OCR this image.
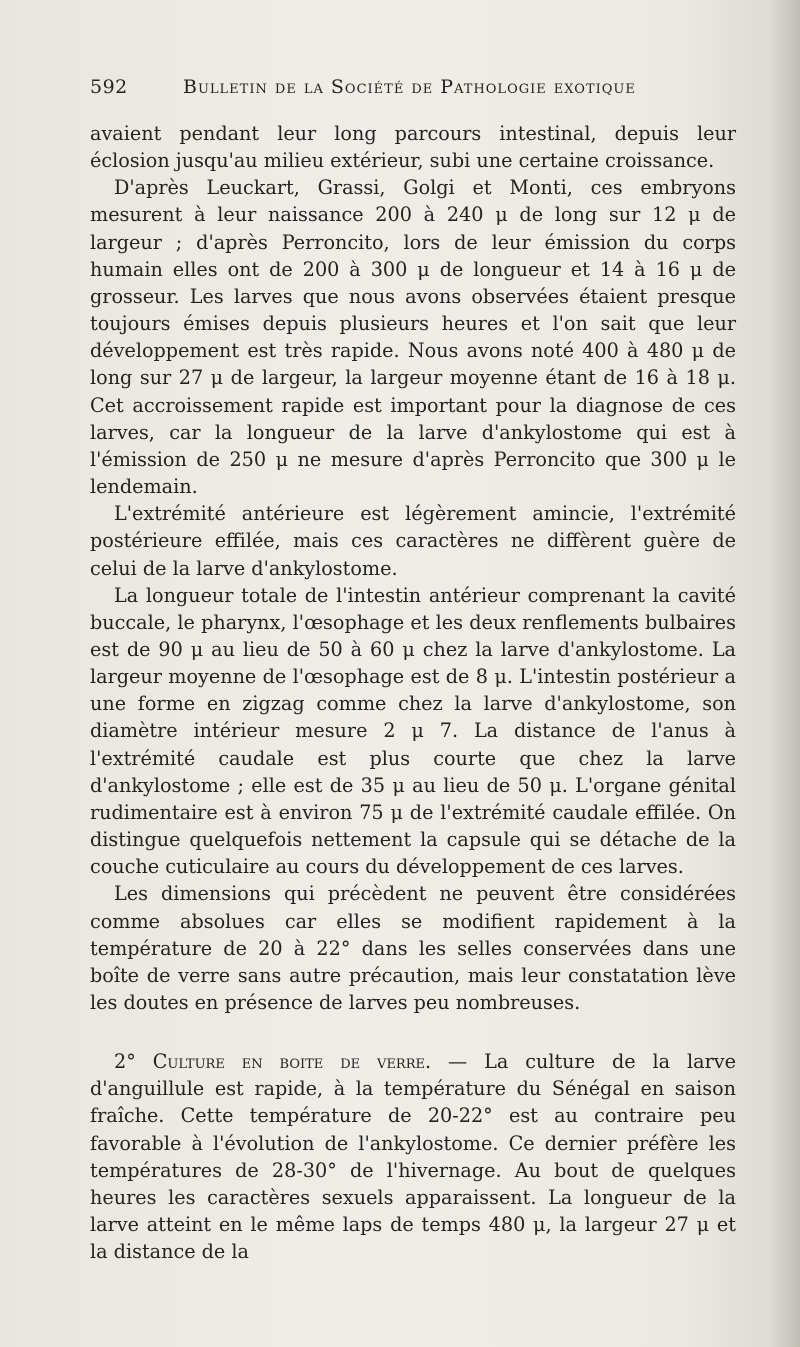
592	Bulletin de la Société de Pathologie exotique

avaient pendant leur long parcours intestinal, depuis leur éclosion jusqu'au milieu extérieur, subi une certaine croissance.

D'après Leuckart, Grassi, Golgi et Monti, ces embryons mesurent à leur naissance 200 à 240 μ de long sur 12 μ de largeur ; d'après Perroncito, lors de leur émission du corps humain elles ont de 200 à 300 μ de longueur et 14 à 16 μ de grosseur. Les larves que nous avons observées étaient presque toujours émises depuis plusieurs heures et l'on sait que leur développement est très rapide. Nous avons noté 400 à 480 μ de long sur 27 μ de largeur, la largeur moyenne étant de 16 à 18 μ. Cet accroissement rapide est important pour la diagnose de ces larves, car la longueur de la larve d'ankylostome qui est à l'émission de 250 μ ne mesure d'après Perroncito que 300 μ le lendemain.

L'extrémité antérieure est légèrement amincie, l'extrémité postérieure effilée, mais ces caractères ne diffèrent guère de celui de la larve d'ankylostome.

La longueur totale de l'intestin antérieur comprenant la cavité buccale, le pharynx, l'œsophage et les deux renflements bulbaires est de 90 μ au lieu de 50 à 60 μ chez la larve d'ankylostome. La largeur moyenne de l'œsophage est de 8 μ. L'intestin postérieur a une forme en zigzag comme chez la larve d'ankylostome, son diamètre intérieur mesure 2 μ 7. La distance de l'anus à l'extrémité caudale est plus courte que chez la larve d'ankylostome ; elle est de 35 μ au lieu de 50 μ. L'organe génital rudimentaire est à environ 75 μ de l'extrémité caudale effilée. On distingue quelquefois nettement la capsule qui se détache de la couche cuticulaire au cours du développement de ces larves.

Les dimensions qui précèdent ne peuvent être considérées comme absolues car elles se modifient rapidement à la température de 20 à 22° dans les selles conservées dans une boîte de verre sans autre précaution, mais leur constatation lève les doutes en présence de larves peu nombreuses.

2° Culture en boite de verre. — La culture de la larve d'anguillule est rapide, à la température du Sénégal en saison fraîche. Cette température de 20-22° est au contraire peu favorable à l'évolution de l'ankylostome. Ce dernier préfère les températures de 28-30° de l'hivernage. Au bout de quelques heures les caractères sexuels apparaissent. La longueur de la larve atteint en le même laps de temps 480 μ, la largeur 27 μ et la distance de la
